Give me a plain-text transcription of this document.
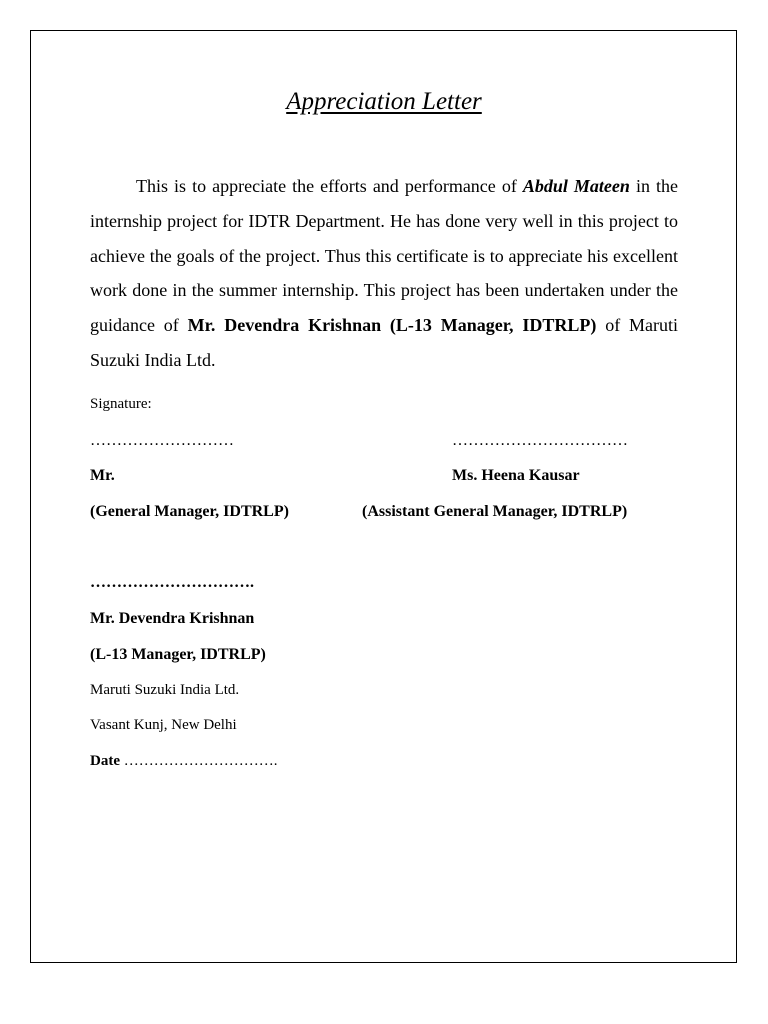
Appreciation Letter

This is to appreciate the efforts and performance of Abdul Mateen in the internship project for IDTR Department. He has done very well in this project to achieve the goals of the project. Thus this certificate is to appreciate his excellent work done in the summer internship. This project has been undertaken under the guidance of Mr. Devendra Krishnan (L-13 Manager, IDTRLP) of Maruti Suzuki India Ltd.

Signature:
………………………	……………………………
Mr.	Ms. Heena Kausar
(General Manager, IDTRLP)	(Assistant General Manager, IDTRLP)
………………………….
Mr. Devendra Krishnan
(L-13 Manager, IDTRLP)
Maruti Suzuki India Ltd.
Vasant Kunj, New Delhi
Date ………………………….
